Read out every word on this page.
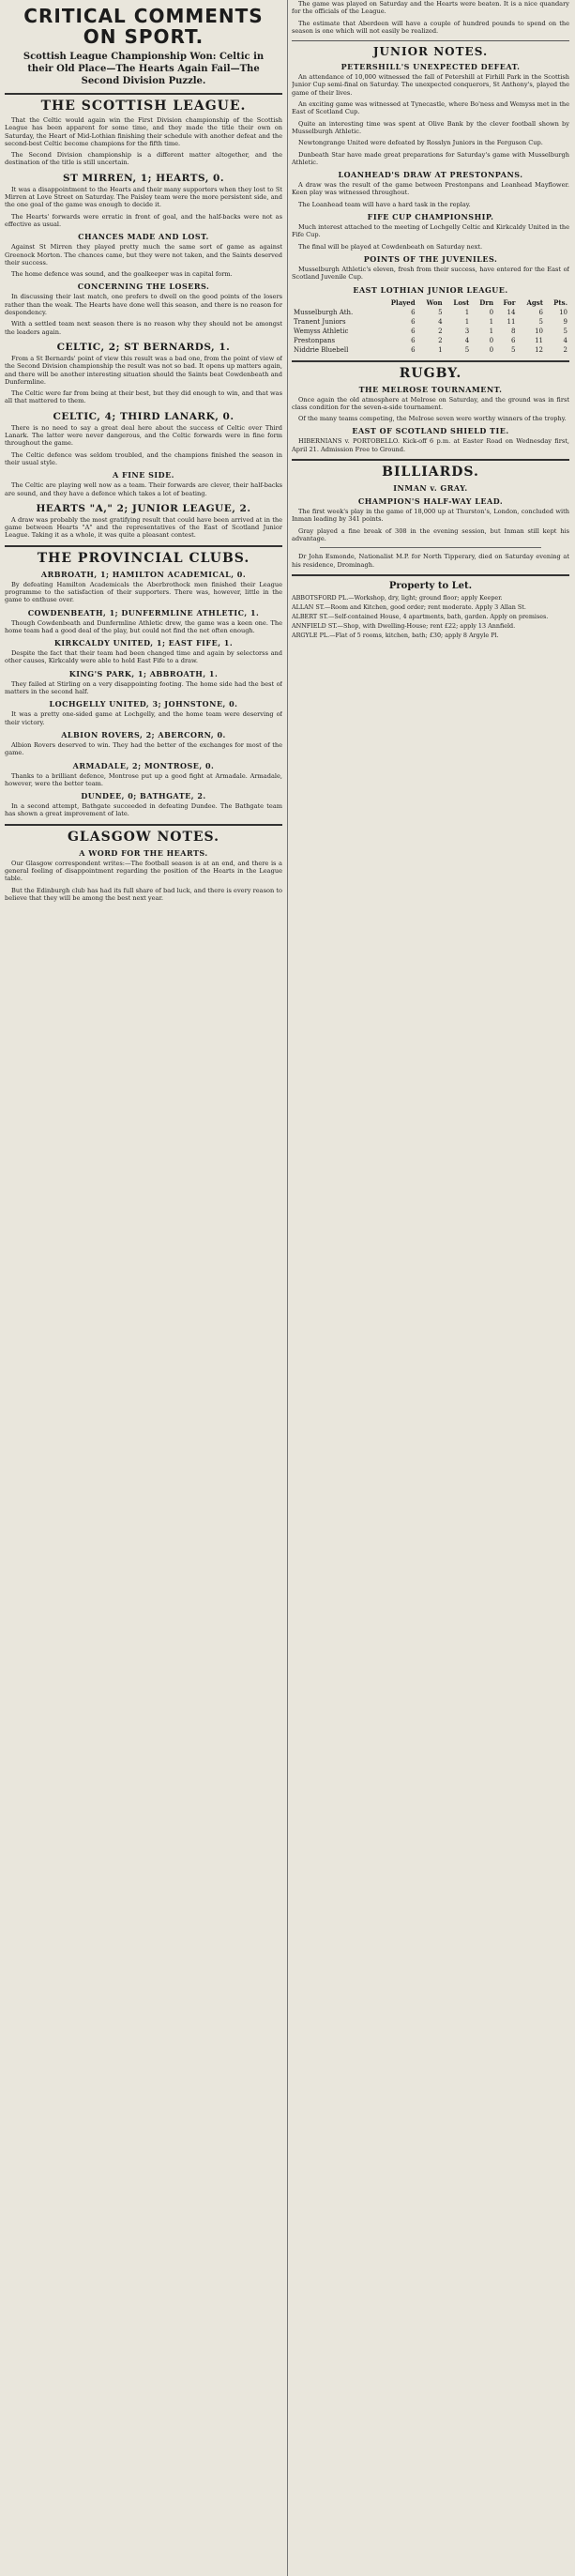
CRITICAL COMMENTS ON SPORT.
Scottish League Championship Won: Celtic in their Old Place—The Hearts Again Fail—The Second Division Puzzle.
THE SCOTTISH LEAGUE.

That the Celtic would again win the First Division championship of the Scottish League has been apparent for some time, and they made the title their own on Saturday, the Heart of Mid-Lothian finishing their schedule with another defeat and the second-best Celtic become champions for the fifth time.

The Second Division championship is a different matter altogether, and the destination of the title is still uncertain.

ST MIRREN, 1; HEARTS, 0.

It was a disappointment to the Hearts and their many supporters when they lost to St Mirren at Love Street on Saturday. The Paisley team were the more persistent side, and the one goal of the game was enough to decide it.

The Hearts' forwards were erratic in front of goal, and the half-backs were not as effective as usual.

CHANCES MADE AND LOST.

Against St Mirren they played pretty much the same sort of game as against Greenock Morton. The chances came, but they were not taken, and the Saints deserved their success.

The home defence was sound, and the goalkeeper was in capital form.

CONCERNING THE LOSERS.

In discussing their last match, one prefers to dwell on the good points of the losers rather than the weak. The Hearts have done well this season, and there is no reason for despondency.

With a settled team next season there is no reason why they should not be amongst the leaders again.

CELTIC, 2; ST BERNARDS, 1.

From a St Bernards' point of view this result was a bad one, from the point of view of the Second Division championship the result was not so bad. It opens up matters again, and there will be another interesting situation should the Saints beat Cowdenbeath and Dunfermline.

The Celtic were far from being at their best, but they did enough to win, and that was all that mattered to them.

CELTIC, 4; THIRD LANARK, 0.

There is no need to say a great deal here about the success of Celtic over Third Lanark. The latter were never dangerous, and the Celtic forwards were in fine form throughout the game.

The Celtic defence was seldom troubled, and the champions finished the season in their usual style.

A FINE SIDE.

The Celtic are playing well now as a team. Their forwards are clever, their half-backs are sound, and they have a defence which takes a lot of beating.

HEARTS "A," 2; JUNIOR LEAGUE, 2.

A draw was probably the most gratifying result that could have been arrived at in the game between Hearts "A" and the representatives of the East of Scotland Junior League. Taking it as a whole, it was quite a pleasant contest.

THE PROVINCIAL CLUBS.
ARBROATH, 1; HAMILTON ACADEMICAL, 0.

By defeating Hamilton Academicals the Aberbrothock men finished their League programme to the satisfaction of their supporters. There was, however, little in the game to enthuse over.

COWDENBEATH, 1; DUNFERMLINE ATHLETIC, 1.

Though Cowdenbeath and Dunfermline Athletic drew, the game was a keen one. The home team had a good deal of the play, but could not find the net often enough.

KIRKCALDY UNITED, 1; EAST FIFE, 1.

Despite the fact that their team had been changed time and again by selectorss and other causes, Kirkcaldy were able to hold East Fife to a draw.

KING'S PARK, 1; ABBROATH, 1.

They failed at Stirling on a very disappointing footing. The home side had the best of matters in the second half.

LOCHGELLY UNITED, 3; JOHNSTONE, 0.

It was a pretty one-sided game at Lochgelly, and the home team were deserving of their victory.

ALBION ROVERS, 2; ABERCORN, 0.

Albion Rovers deserved to win. They had the better of the exchanges for most of the game.

ARMADALE, 2; MONTROSE, 0.

Thanks to a brilliant defence, Montrose put up a good fight at Armadale. Armadale, however, were the better team.

DUNDEE, 0; BATHGATE, 2.

In a second attempt, Bathgate succeeded in defeating Dundee. The Bathgate team has shown a great improvement of late.

GLASGOW NOTES.
A WORD FOR THE HEARTS.

Our Glasgow correspondent writes:—The football season is at an end, and there is a general feeling of disappointment regarding the position of the Hearts in the League table.

But the Edinburgh club has had its full share of bad luck, and there is every reason to believe that they will be among the best next year.

The game was played on Saturday and the Hearts were beaten. It is a nice quandary for the officials of the League.

The estimate that Aberdeen will have a couple of hundred pounds to spend on the season is one which will not easily be realized.

JUNIOR NOTES.
PETERSHILL'S UNEXPECTED DEFEAT.

An attendance of 10,000 witnessed the fall of Petershill at Firhill Park in the Scottish Junior Cup semi-final on Saturday. The unexpected conquerors, St Anthony's, played the game of their lives.

An exciting game was witnessed at Tynecastle, where Bo'ness and Wemyss met in the East of Scotland Cup.

Quite an interesting time was spent at Olive Bank by the clever football shown by Musselburgh Athletic.

Newtongrange United were defeated by Rosslyn Juniors in the Ferguson Cup.

Dunbeath Star have made great preparations for Saturday's game with Musselburgh Athletic.

LOANHEAD'S DRAW AT PRESTONPANS.

A draw was the result of the game between Prestonpans and Loanhead Mayflower. Keen play was witnessed throughout.

The Loanhead team will have a hard task in the replay.

FIFE CUP CHAMPIONSHIP.

Much interest attached to the meeting of Lochgelly Celtic and Kirkcaldy United in the Fife Cup.

The final will be played at Cowdenbeath on Saturday next.

POINTS OF THE JUVENILES.

Musselburgh Athletic's eleven, fresh from their success, have entered for the East of Scotland Juvenile Cup.

EAST LOTHIAN JUNIOR LEAGUE.
	Played	Won	Lost	Drn	For	Agst	Pts.
Musselburgh Ath.	6	5	1	0	14	6	10
Tranent Juniors	6	4	1	1	11	5	9
Wemyss Athletic	6	2	3	1	8	10	5
Prestonpans	6	2	4	0	6	11	4
Niddrie Bluebell	6	1	5	0	5	12	2
RUGBY.
THE MELROSE TOURNAMENT.

Once again the old atmosphere at Melrose on Saturday, and the ground was in first class condition for the seven-a-side tournament.

Of the many teams competing, the Melrose seven were worthy winners of the trophy.

EAST OF SCOTLAND SHIELD TIE.

HIBERNIANS v. PORTOBELLO. Kick-off 6 p.m. at Easter Road on Wednesday first, April 21. Admission Free to Ground.

BILLIARDS.
INMAN v. GRAY.
CHAMPION'S HALF-WAY LEAD.

The first week's play in the game of 18,000 up at Thurston's, London, concluded with Inman leading by 341 points.

Gray played a fine break of 308 in the evening session, but Inman still kept his advantage.

Dr John Esmonde, Nationalist M.P. for North Tipperary, died on Saturday evening at his residence, Drominagh.

Property to Let.
ABBOTSFORD PL.—Workshop, dry, light; ground floor; apply Keeper.
ALLAN ST.—Room and Kitchen, good order; rent moderate. Apply 3 Allan St.
ALBERT ST.—Self-contained House, 4 apartments, bath, garden. Apply on premises.
ANNFIELD ST.—Shop, with Dwelling-House; rent £22; apply 13 Annfield.
ARGYLE PL.—Flat of 5 rooms, kitchen, bath; £30; apply 8 Argyle Pl.
